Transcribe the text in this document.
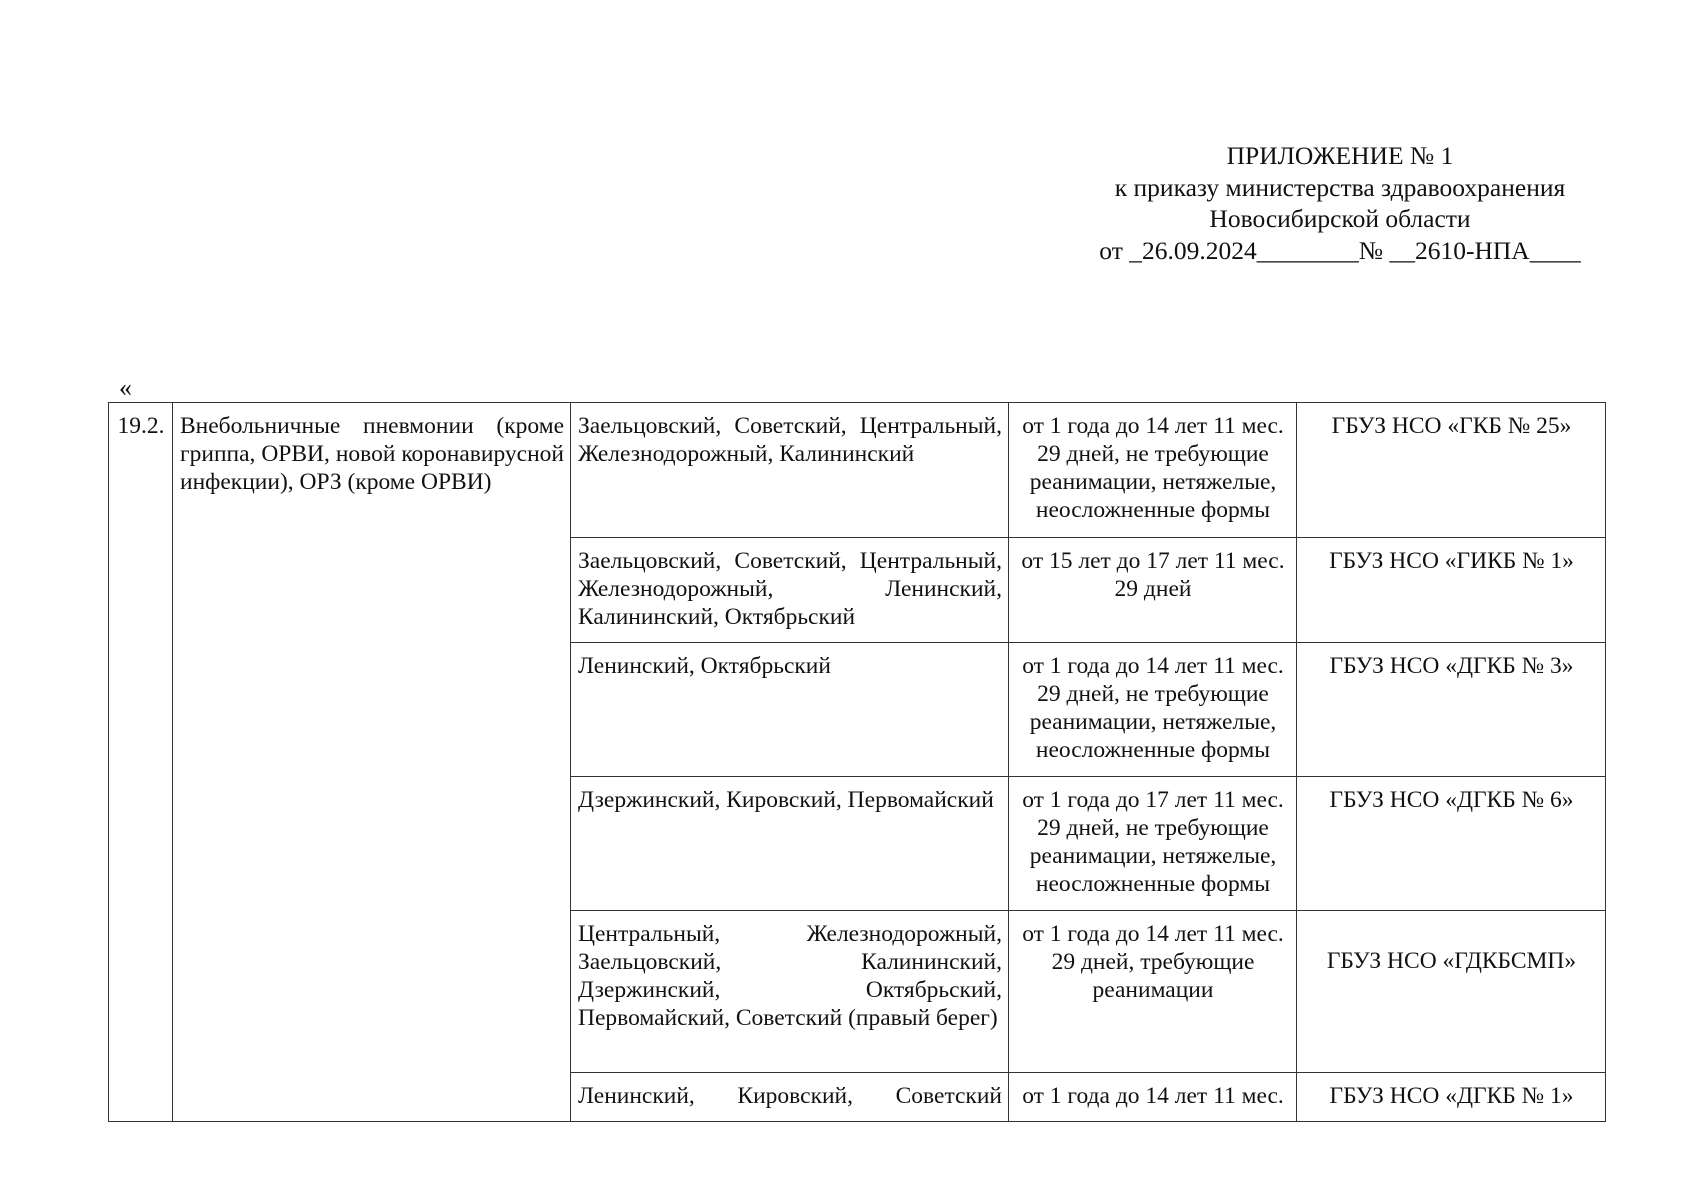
ПРИЛОЖЕНИЕ № 1
к приказу министерства здравоохранения
Новосибирской области
от _26.09.2024________№ __2610-НПА____
«
19.2.	Внебольничные пневмонии (кроме гриппа, ОРВИ, новой коронавирусной инфекции), ОРЗ (кроме ОРВИ)	Заельцовский, Советский, Центральный, Железнодорожный, Калининский	от 1 года до 14 лет 11 мес. 29 дней, не требующие реанимации, нетяжелые, неосложненные формы	ГБУЗ НСО «ГКБ № 25»
		Заельцовский, Советский, Центральный, Железнодорожный, Ленинский, Калининский, Октябрьский	от 15 лет до 17 лет 11 мес. 29 дней	ГБУЗ НСО «ГИКБ № 1»
		Ленинский, Октябрьский	от 1 года до 14 лет 11 мес. 29 дней, не требующие реанимации, нетяжелые, неосложненные формы	ГБУЗ НСО «ДГКБ № 3»
		Дзержинский, Кировский, Первомайский	от 1 года до 17 лет 11 мес. 29 дней, не требующие реанимации, нетяжелые, неосложненные формы	ГБУЗ НСО «ДГКБ № 6»
		Центральный, Железнодорожный, Заельцовский, Калининский, Дзержинский, Октябрьский, Первомайский, Советский (правый берег)	от 1 года до 14 лет 11 мес. 29 дней, требующие реанимации	ГБУЗ НСО «ГДКБСМП»
		Ленинский, Кировский, Советский	от 1 года до 14 лет 11 мес.	ГБУЗ НСО «ДГКБ № 1»
